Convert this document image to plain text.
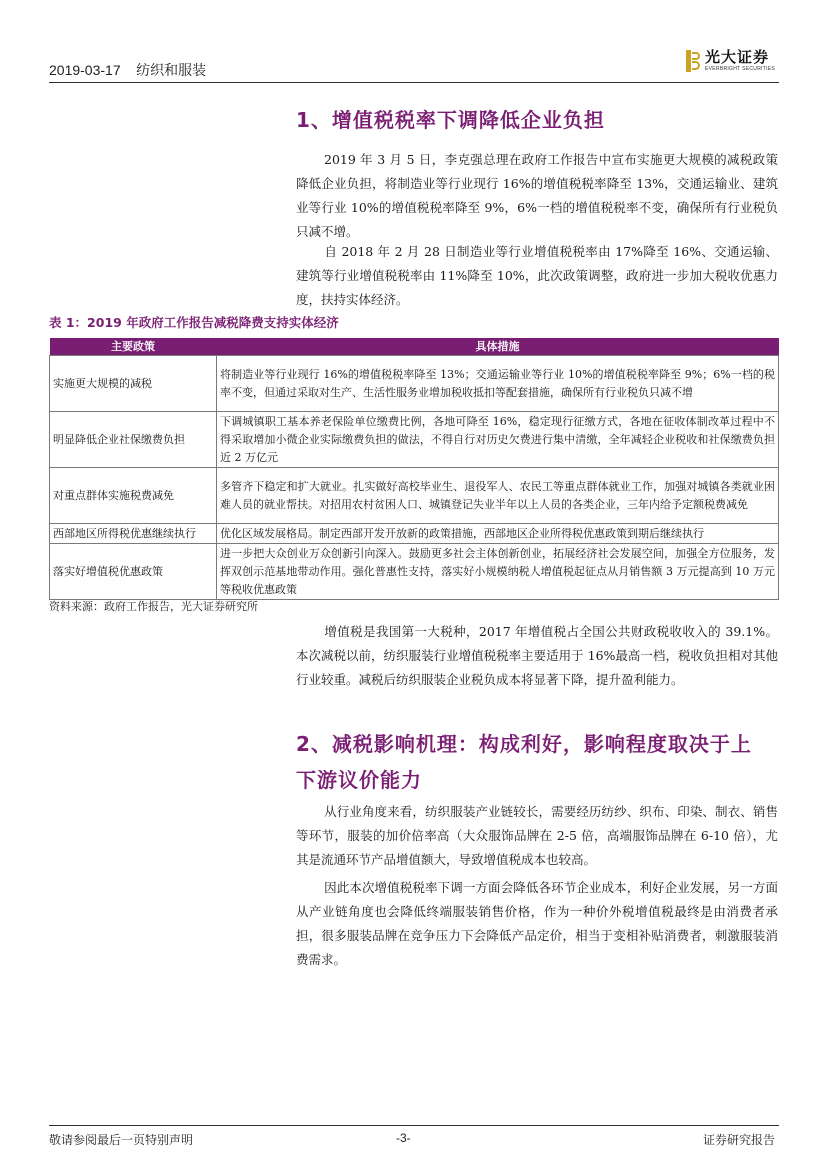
2019-03-17    纺织和服装
光大证券
EVERBRIGHT SECURITIES
1、增值税税率下调降低企业负担
2019 年 3 月 5 日，李克强总理在政府工作报告中宣布实施更大规模的减税政策降低企业负担，将制造业等行业现行 16%的增值税税率降至 13%，交通运输业、建筑业等行业 10%的增值税税率降至 9%，6%一档的增值税税率不变，确保所有行业税负只减不增。
自 2018 年 2 月 28 日制造业等行业增值税税率由 17%降至 16%、交通运输、建筑等行业增值税税率由 11%降至 10%，此次政策调整，政府进一步加大税收优惠力度，扶持实体经济。
表 1：2019 年政府工作报告减税降费支持实体经济
主要政策	具体措施
实施更大规模的减税	将制造业等行业现行 16%的增值税税率降至 13%；交通运输业等行业 10%的增值税税率降至 9%；6%一档的税率不变，但通过采取对生产、生活性服务业增加税收抵扣等配套措施，确保所有行业税负只减不增
明显降低企业社保缴费负担	下调城镇职工基本养老保险单位缴费比例，各地可降至 16%，稳定现行征缴方式，各地在征收体制改革过程中不得采取增加小微企业实际缴费负担的做法，不得自行对历史欠费进行集中清缴，全年减轻企业税收和社保缴费负担近 2 万亿元
对重点群体实施税费减免	多管齐下稳定和扩大就业。扎实做好高校毕业生、退役军人、农民工等重点群体就业工作，加强对城镇各类就业困难人员的就业帮扶。对招用农村贫困人口、城镇登记失业半年以上人员的各类企业，三年内给予定额税费减免
西部地区所得税优惠继续执行	优化区域发展格局。制定西部开发开放新的政策措施，西部地区企业所得税优惠政策到期后继续执行
落实好增值税优惠政策	进一步把大众创业万众创新引向深入。鼓励更多社会主体创新创业，拓展经济社会发展空间，加强全方位服务，发挥双创示范基地带动作用。强化普惠性支持，落实好小规模纳税人增值税起征点从月销售额 3 万元提高到 10 万元等税收优惠政策
资料来源：政府工作报告，光大证券研究所
增值税是我国第一大税种，2017 年增值税占全国公共财政税收收入的 39.1%。本次减税以前，纺织服装行业增值税税率主要适用于 16%最高一档，税收负担相对其他行业较重。减税后纺织服装企业税负成本将显著下降，提升盈利能力。
2、减税影响机理：构成利好，影响程度取决于上
下游议价能力
从行业角度来看，纺织服装产业链较长，需要经历纺纱、织布、印染、制衣、销售等环节，服装的加价倍率高（大众服饰品牌在 2-5 倍，高端服饰品牌在 6-10 倍），尤其是流通环节产品增值额大，导致增值税成本也较高。
因此本次增值税税率下调一方面会降低各环节企业成本，利好企业发展，另一方面从产业链角度也会降低终端服装销售价格，作为一种价外税增值税最终是由消费者承担，很多服装品牌在竞争压力下会降低产品定价，相当于变相补贴消费者，刺激服装消费需求。
敬请参阅最后一页特别声明	-3-	证券研究报告
